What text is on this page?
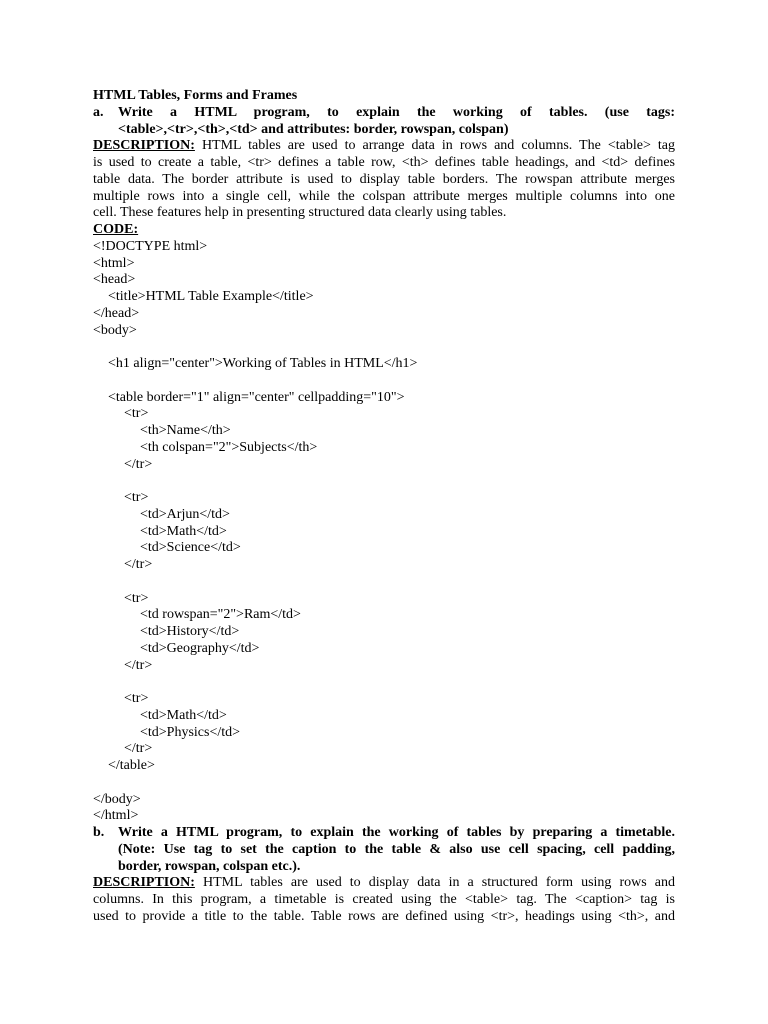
HTML Tables, Forms and Frames
a.	Write a HTML program, to explain the working of tables. (use tags:
<table>,<tr>,<th>,<td> and attributes: border, rowspan, colspan)
DESCRIPTION: HTML tables are used to arrange data in rows and columns. The <table> tag
is used to create a table, <tr> defines a table row, <th> defines table headings, and <td> defines
table data. The border attribute is used to display table borders. The rowspan attribute merges
multiple rows into a single cell, while the colspan attribute merges multiple columns into one
cell. These features help in presenting structured data clearly using tables.
CODE:
<!DOCTYPE html>
<html>
<head>
<title>HTML Table Example</title>
</head>
<body>
<h1 align="center">Working of Tables in HTML</h1>
<table border="1" align="center" cellpadding="10">
<tr>
<th>Name</th>
<th colspan="2">Subjects</th>
</tr>
<tr>
<td>Arjun</td>
<td>Math</td>
<td>Science</td>
</tr>
<tr>
<td rowspan="2">Ram</td>
<td>History</td>
<td>Geography</td>
</tr>
<tr>
<td>Math</td>
<td>Physics</td>
</tr>
</table>
</body>
</html>
b. Write a HTML program, to explain the working of tables by preparing a timetable.
(Note: Use tag to set the caption to the table & also use cell spacing, cell padding,
border, rowspan, colspan etc.).
DESCRIPTION: HTML tables are used to display data in a structured form using rows and
columns. In this program, a timetable is created using the <table> tag. The <caption> tag is
used to provide a title to the table. Table rows are defined using <tr>, headings using <th>, and
